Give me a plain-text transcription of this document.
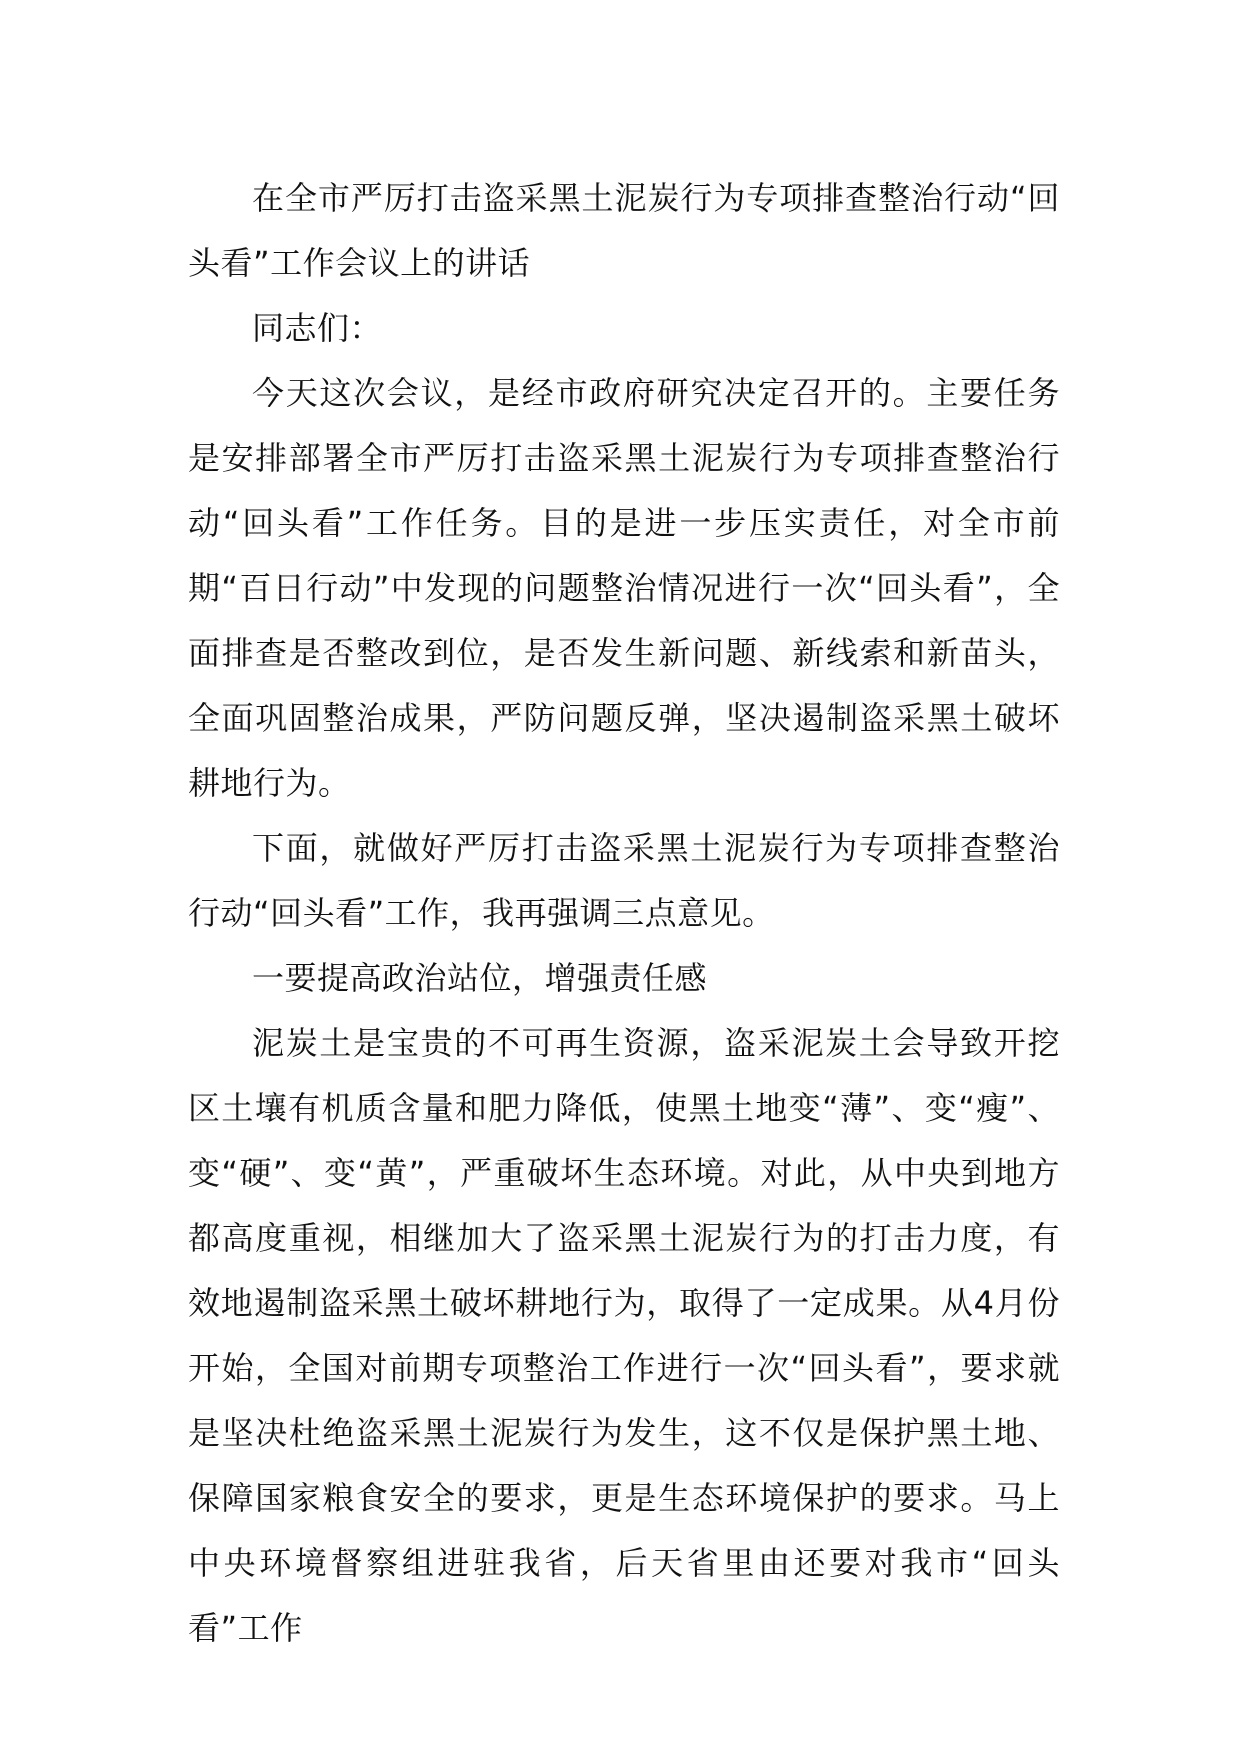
在全市严厉打击盗采黑土泥炭行为专项排查整治行动“回头看”工作会议上的讲话

同志们：

今天这次会议，是经市政府研究决定召开的。主要任务是安排部署全市严厉打击盗采黑土泥炭行为专项排查整治行动“回头看”工作任务。目的是进一步压实责任，对全市前期“百日行动”中发现的问题整治情况进行一次“回头看”，全面排查是否整改到位，是否发生新问题、新线索和新苗头，全面巩固整治成果，严防问题反弹，坚决遏制盗采黑土破坏耕地行为。

下面，就做好严厉打击盗采黑土泥炭行为专项排查整治行动“回头看”工作，我再强调三点意见。

一要提高政治站位，增强责任感

泥炭土是宝贵的不可再生资源，盗采泥炭土会导致开挖区土壤有机质含量和肥力降低，使黑土地变“薄”、变“瘦”、变“硬”、变“黄”，严重破坏生态环境。对此，从中央到地方都高度重视，相继加大了盗采黑土泥炭行为的打击力度，有效地遏制盗采黑土破坏耕地行为，取得了一定成果。从4月份开始，全国对前期专项整治工作进行一次“回头看”，要求就是坚决杜绝盗采黑土泥炭行为发生，这不仅是保护黑土地、保障国家粮食安全的要求，更是生态环境保护的要求。马上中央环境督察组进驻我省，后天省里由还要对我市“回头看”工作
